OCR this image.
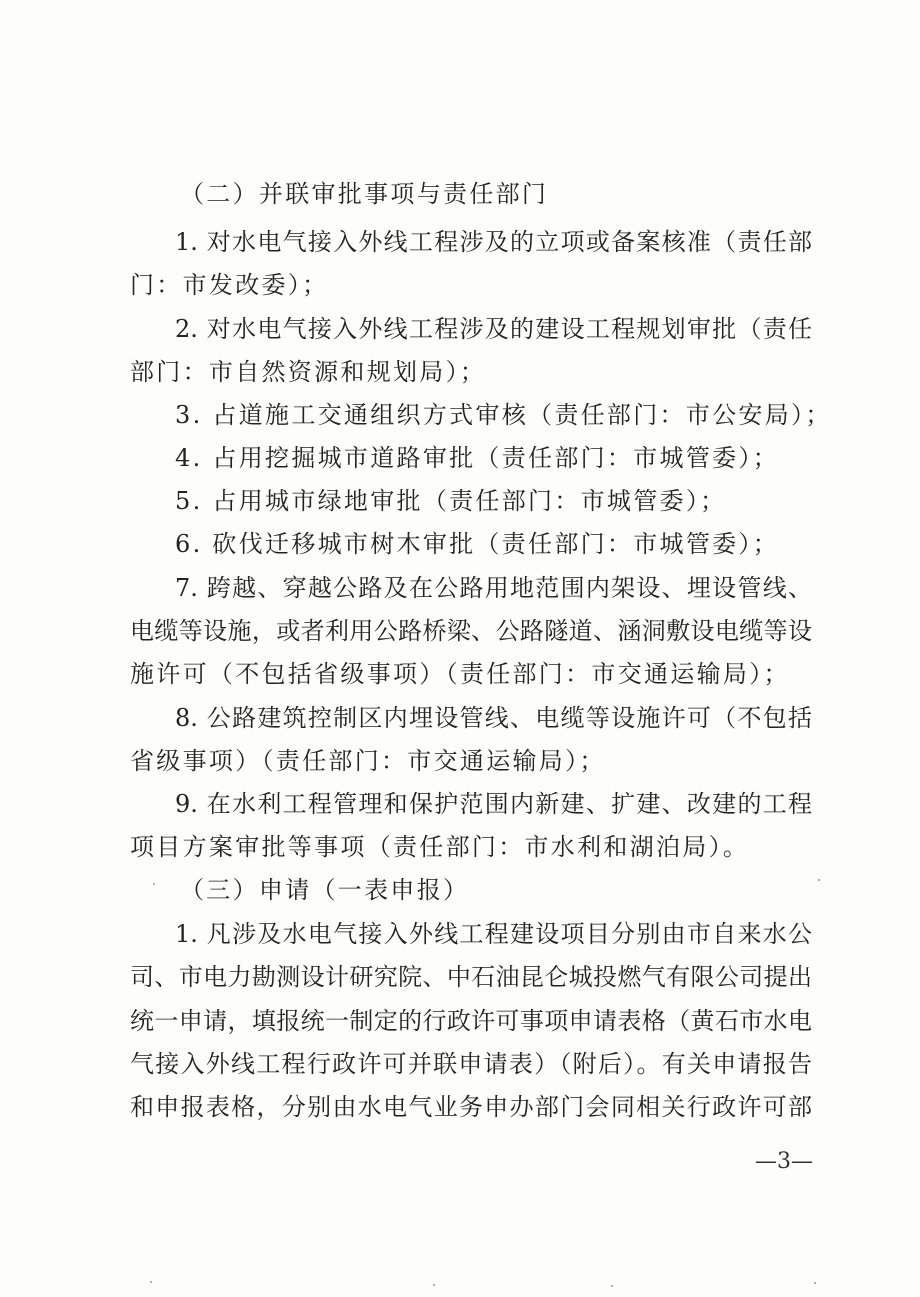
（二）并联审批事项与责任部门
1. 对水电气接入外线工程涉及的立项或备案核准（责任部
门：市发改委）；
2. 对水电气接入外线工程涉及的建设工程规划审批（责任
部门：市自然资源和规划局）；
3. 占道施工交通组织方式审核（责任部门：市公安局）；
4. 占用挖掘城市道路审批（责任部门：市城管委）；
5. 占用城市绿地审批（责任部门：市城管委）；
6. 砍伐迁移城市树木审批（责任部门：市城管委）；
7. 跨越、穿越公路及在公路用地范围内架设、埋设管线、
电缆等设施，或者利用公路桥梁、公路隧道、涵洞敷设电缆等设
施许可（不包括省级事项）（责任部门：市交通运输局）；
8. 公路建筑控制区内埋设管线、电缆等设施许可（不包括
省级事项）（责任部门：市交通运输局）；
9. 在水利工程管理和保护范围内新建、扩建、改建的工程
项目方案审批等事项（责任部门：市水利和湖泊局）。
（三）申请（一表申报）
1. 凡涉及水电气接入外线工程建设项目分别由市自来水公
司、市电力勘测设计研究院、中石油昆仑城投燃气有限公司提出
统一申请，填报统一制定的行政许可事项申请表格（黄石市水电
气接入外线工程行政许可并联申请表）（附后）。有关申请报告
和申报表格，分别由水电气业务申办部门会同相关行政许可部
—3—
